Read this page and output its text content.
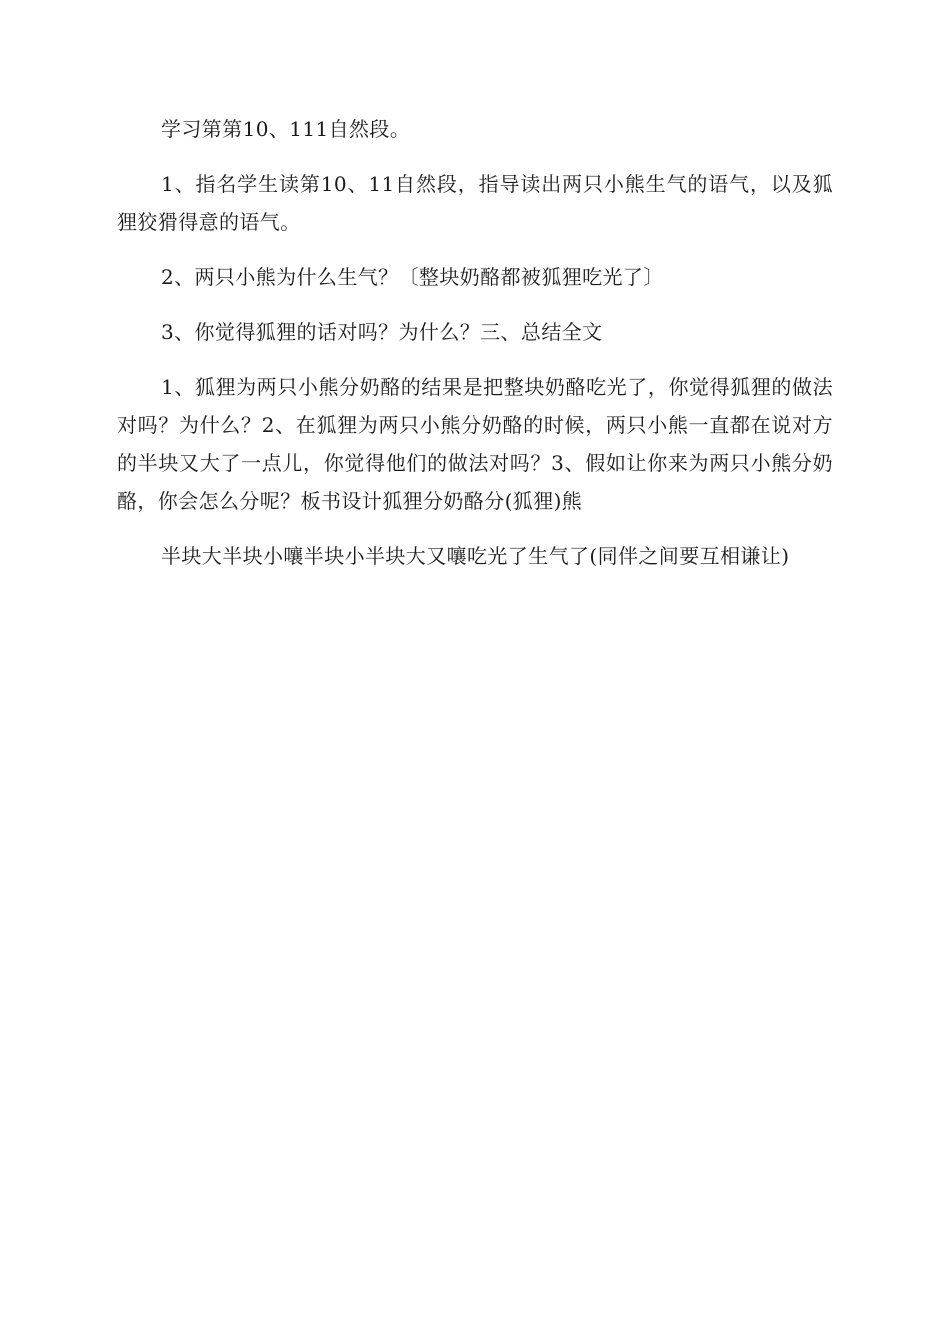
学习第第10、111自然段。

1、指名学生读第10、11自然段，指导读出两只小熊生气的语气，以及狐狸狡猾得意的语气。

2、两只小熊为什么生气？〔整块奶酪都被狐狸吃光了〕

3、你觉得狐狸的话对吗？为什么？三、总结全文

1、狐狸为两只小熊分奶酪的结果是把整块奶酪吃光了，你觉得狐狸的做法对吗？为什么？2、在狐狸为两只小熊分奶酪的时候，两只小熊一直都在说对方的半块又大了一点儿，你觉得他们的做法对吗？3、假如让你来为两只小熊分奶酪，你会怎么分呢？板书设计狐狸分奶酪分(狐狸)熊

半块大半块小嚷半块小半块大又嚷吃光了生气了(同伴之间要互相谦让)
